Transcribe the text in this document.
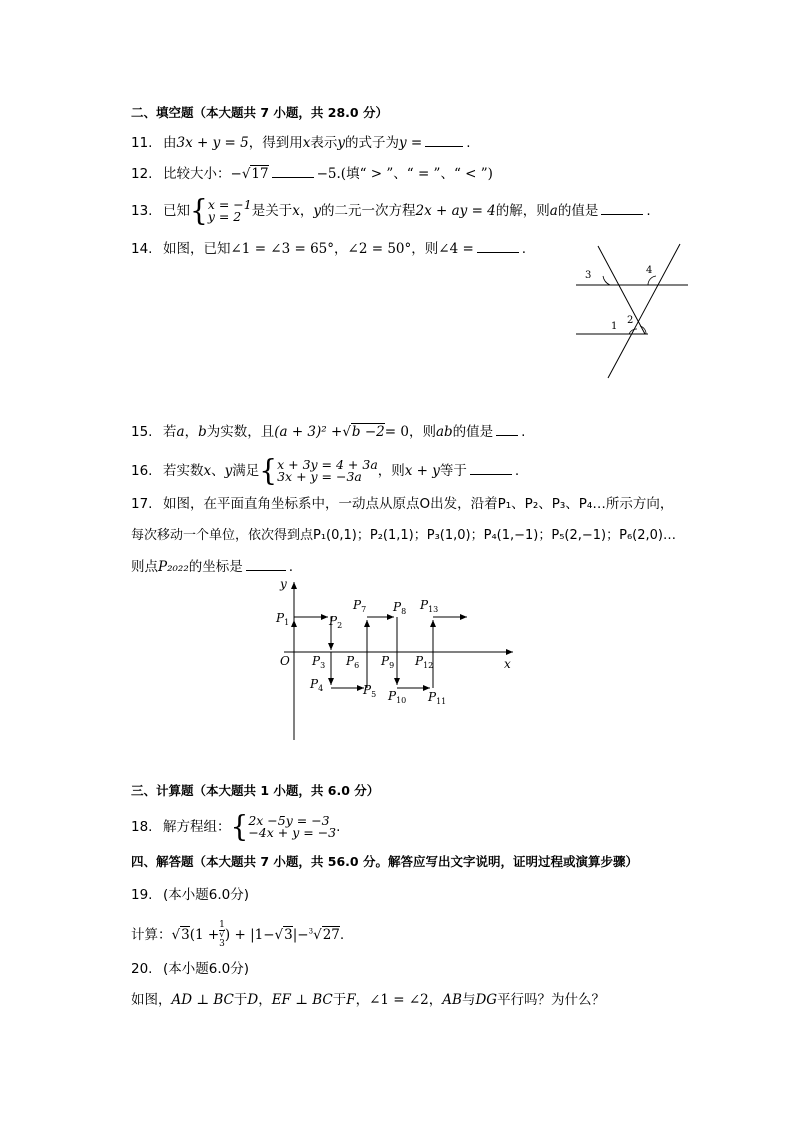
二、填空题（本大题共 7 小题，共 28.0 分）
11. 由3x + y = 5，得到用x表示y的式子为y =	.
12. 比较大小：−√17	−5.(填“ > ”、“ = ”、“ < ”)
13. 已知{ x = −1
y = 2 是关于x，y的二元一次方程2x + ay = 4的解，则a的值是	.
14. 如图，已知∠1 = ∠3 = 65°，∠2 = 50°，则∠4 =	.
3	4
1
2
15. 若a，b为实数，且(a + 3)² +√b −2= 0，则ab的值是 .
16. 若实数x、y满足{ x + 3y = 4 + 3a
3x + y = −3a	，则x + y等于	.
17. 如图，在平面直角坐标系中，一动点从原点O出发，沿着P₁、P₂、P₃、P₄…所示方向，
每次移动一个单位，依次得到点P₁(0,1)；P₂(1,1)；P₃(1,0)；P₄(1,−1)；P₅(2,−1)；P₆(2,0)…
则点P₂₀₂₂的坐标是	.
y
x
O
$P_1$	$P_2$
$P_3$
$P_4$	$P_5$
$P_6$
$P_7$ $P_8$
$P_9$
$P_{10}$ $P_{11}$
$P_{12}$
$P_{13}$
三、计算题（本大题共 1 小题，共 6.0 分）
18. 解方程组：{ 2x −5y = −3
−4x + y = −3 .
四、解答题（本大题共 7 小题，共 56.0 分。解答应写出文字说明，证明过程或演算步骤）
19. (本小题6.0分)
计算：√3(1 + 1
√
3 ) + |1−√3|−$^3$√27.
20. (本小题6.0分)
如图，AD ⊥ BC于D，EF ⊥ BC于F，∠1 = ∠2，AB与DG平行吗？为什么？
